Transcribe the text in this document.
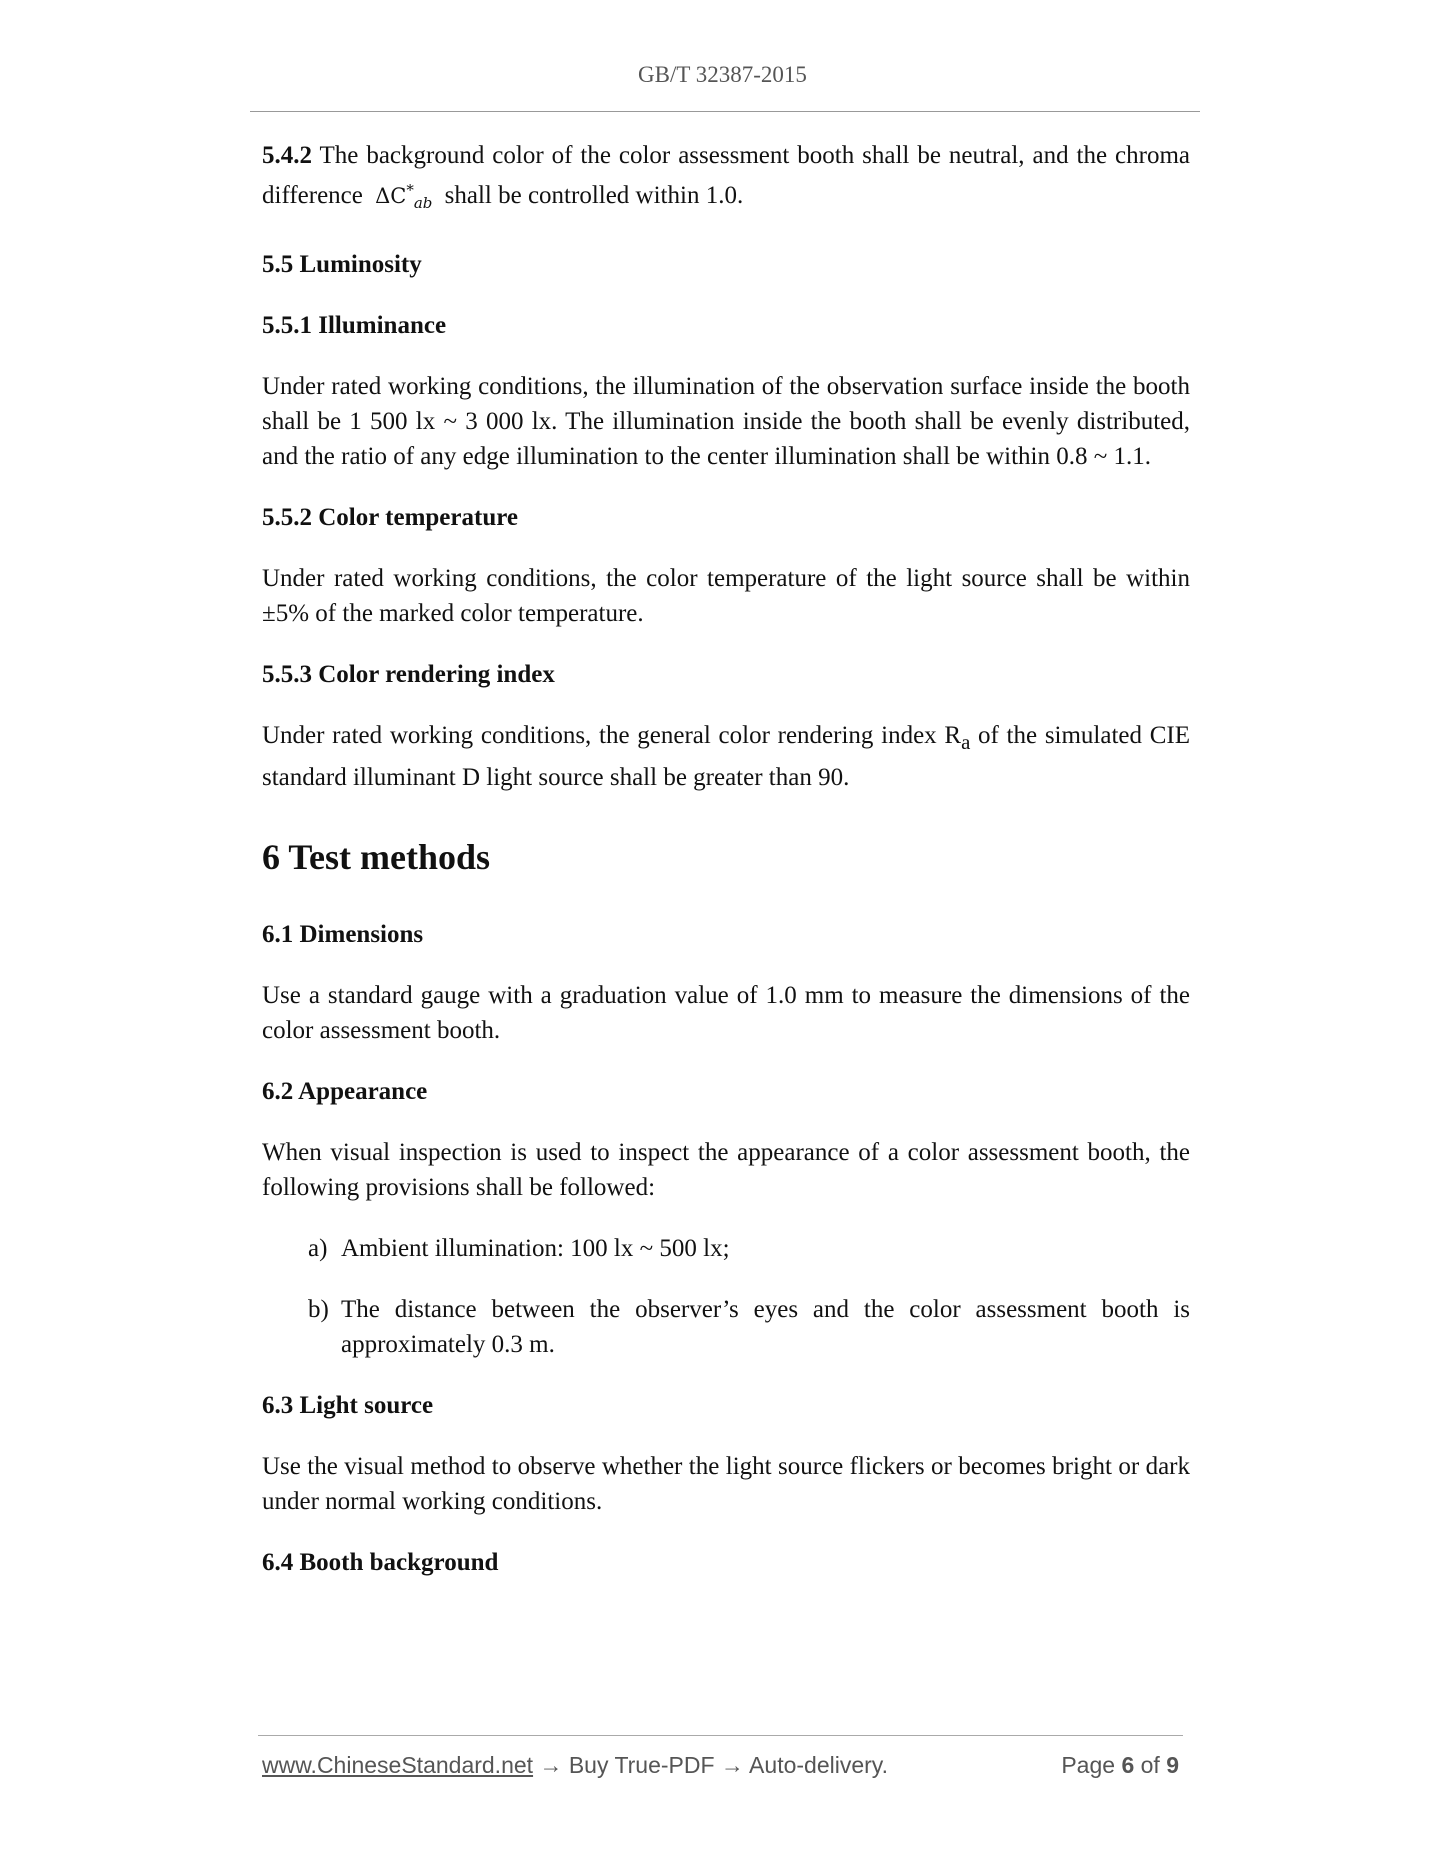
GB/T 32387-2015

5.4.2 The background color of the color assessment booth shall be neutral, and the chroma difference $\Delta C^*_{ab}$ shall be controlled within 1.0.

5.5 Luminosity
5.5.1 Illuminance

Under rated working conditions, the illumination of the observation surface inside the booth shall be 1 500 lx ~ 3 000 lx. The illumination inside the booth shall be evenly distributed, and the ratio of any edge illumination to the center illumination shall be within 0.8 ~ 1.1.

5.5.2 Color temperature

Under rated working conditions, the color temperature of the light source shall be within ±5% of the marked color temperature.

5.5.3 Color rendering index

Under rated working conditions, the general color rendering index $R_a$ of the simulated CIE standard illuminant D light source shall be greater than 90.

6 Test methods
6.1 Dimensions

Use a standard gauge with a graduation value of 1.0 mm to measure the dimensions of the color assessment booth.

6.2 Appearance

When visual inspection is used to inspect the appearance of a color assessment booth, the following provisions shall be followed:

a) Ambient illumination: 100 lx ~ 500 lx;
b) The distance between the observer’s eyes and the color assessment booth is approximately 0.3 m.
6.3 Light source

Use the visual method to observe whether the light source flickers or becomes bright or dark under normal working conditions.

6.4 Booth background
www.ChineseStandard.net → Buy True-PDF → Auto-delivery.	Page 6 of 9
